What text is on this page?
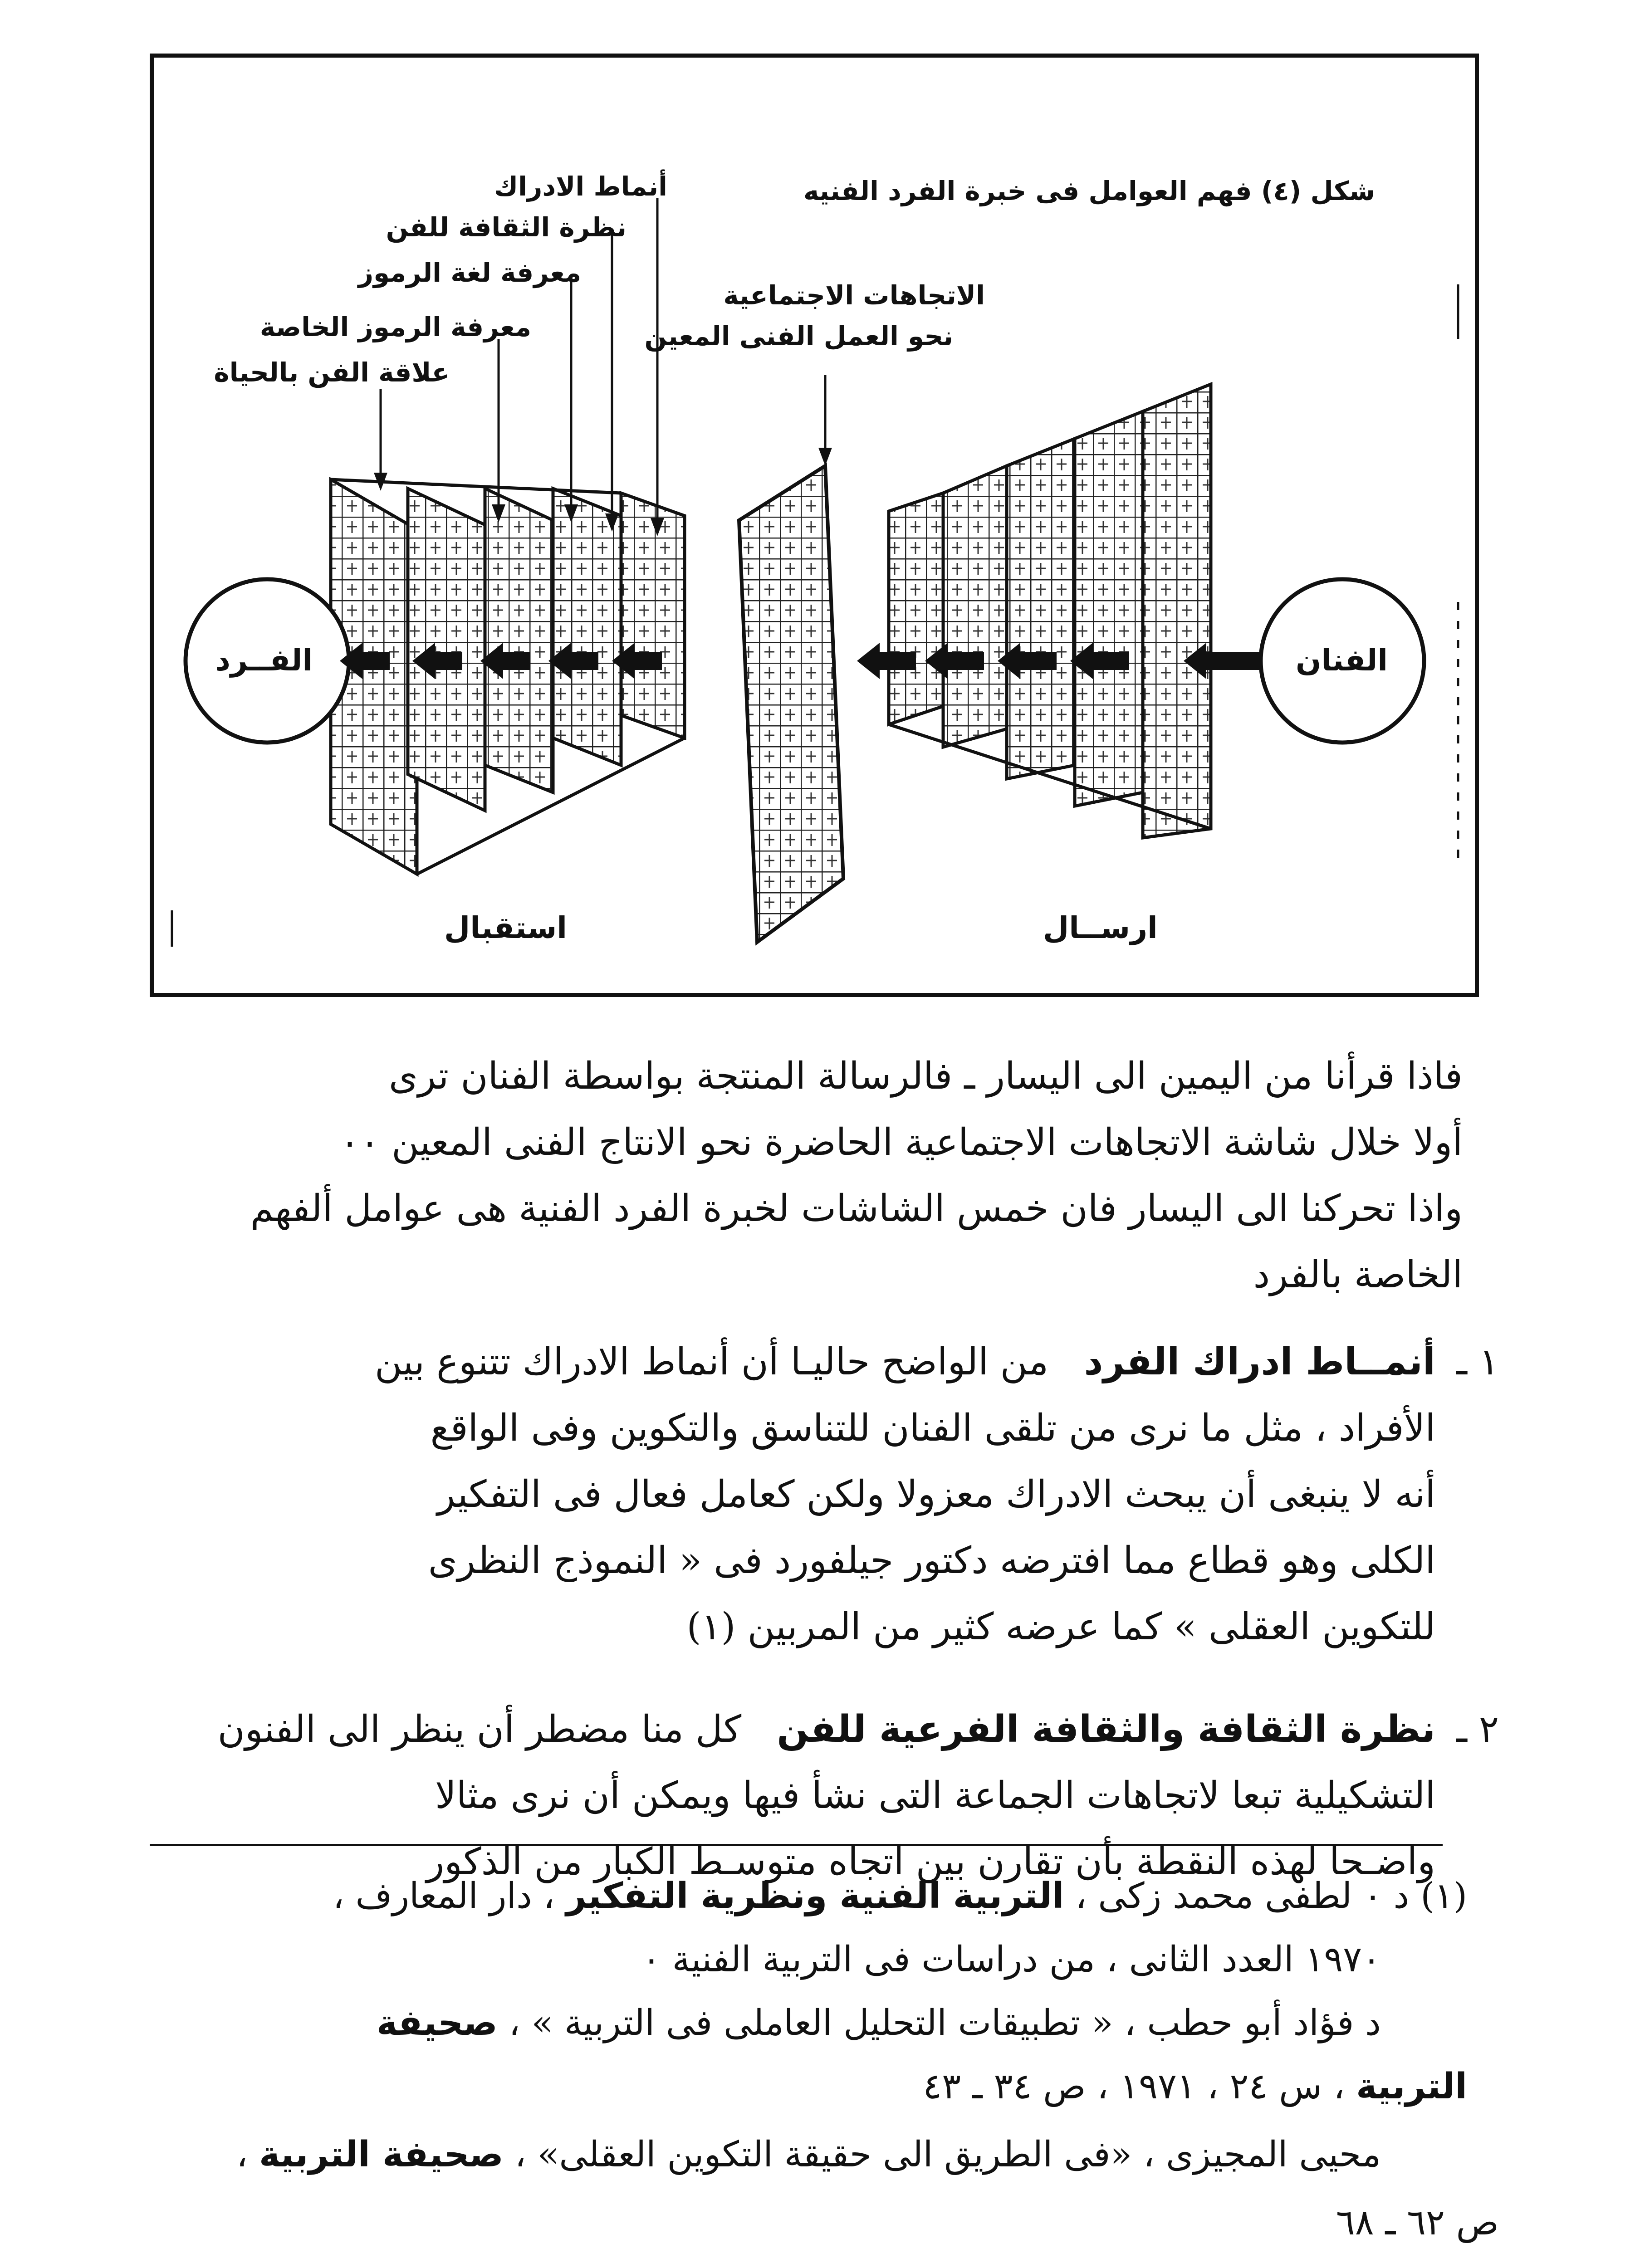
شكل (٤) فهم العوامل فى خبرة الفرد الفنيه
أنماط الادراك
نظرة الثقافة للفن
معرفة لغة الرموز
معرفة الرموز الخاصة
علاقة الفن بالحياة
الاتجاهات الاجتماعية
نحو العمل الفنى المعين
الفــرد	الفنان
استقبال	ارســال
فاذا قرأنا من اليمين الى اليسار ـ فالرسالة المنتجة بواسطة الفنان ترى
أولا خلال شاشة الاتجاهات الاجتماعية الحاضرة نحو الانتاج الفنى المعين ٠٠
واذا تحركنا الى اليسار فان خمس الشاشات لخبرة الفرد الفنية هى عوامل ألفهم
الخاصة بالفرد
١ ـ
أنمــاط ادراك الفرد   من الواضح حاليـا أن أنماط الادراك تتنوع بين
الأفراد ، مثل ما نرى من تلقى الفنان للتناسق والتكوين وفى الواقع
أنه لا ينبغى أن يبحث الادراك معزولا ولكن كعامل فعال فى التفكير
الكلى وهو قطاع مما افترضه دكتور جيلفورد فى « النموذج النظرى
للتكوين العقلى » كما عرضه كثير من المربين (١)
٢ ـ
نظرة الثقافة والثقافة الفرعية للفن   كل منا مضطر أن ينظر الى الفنون
التشكيلية تبعا لاتجاهات الجماعة التى نشأ فيها ويمكن أن نرى مثالا
واضـحا لهذه النقطة بأن تقارن بين اتجاه متوسـط الكبار من الذكور
(١) د ٠ لطفى محمد زكى ، التربية الفنية ونظرية التفكير ، دار المعارف ،
١٩٧٠ العدد الثانى ، من دراسات فى التربية الفنية ٠
د فؤاد أبو حطب ، « تطبيقات التحليل العاملى فى التربية » ، صحيفة
التربية ، س ٢٤ ، ١٩٧١ ، ص ٣٤ ـ ٤٣
محيى المجيزى ، «فى الطريق الى حقيقة التكوين العقلى» ، صحيفة التربية ،
ص ٦٢ ـ ٦٨
